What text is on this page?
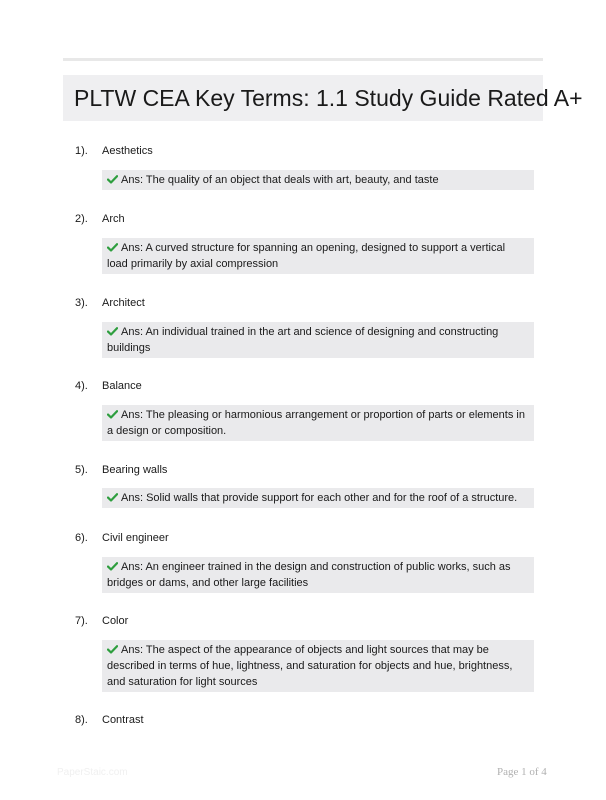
PLTW CEA Key Terms: 1.1 Study Guide Rated A+
1). Aesthetics
Ans: The quality of an object that deals with art, beauty, and taste
2). Arch
Ans: A curved structure for spanning an opening, designed to support a vertical load primarily by axial compression
3). Architect
Ans: An individual trained in the art and science of designing and constructing buildings
4). Balance
Ans: The pleasing or harmonious arrangement or proportion of parts or elements in a design or composition.
5). Bearing walls
Ans: Solid walls that provide support for each other and for the roof of a structure.
6). Civil engineer
Ans: An engineer trained in the design and construction of public works, such as bridges or dams, and other large facilities
7). Color
Ans: The aspect of the appearance of objects and light sources that may be described in terms of hue, lightness, and saturation for objects and hue, brightness, and saturation for light sources
8). Contrast
PaperStaic.com	Page 1 of 4
